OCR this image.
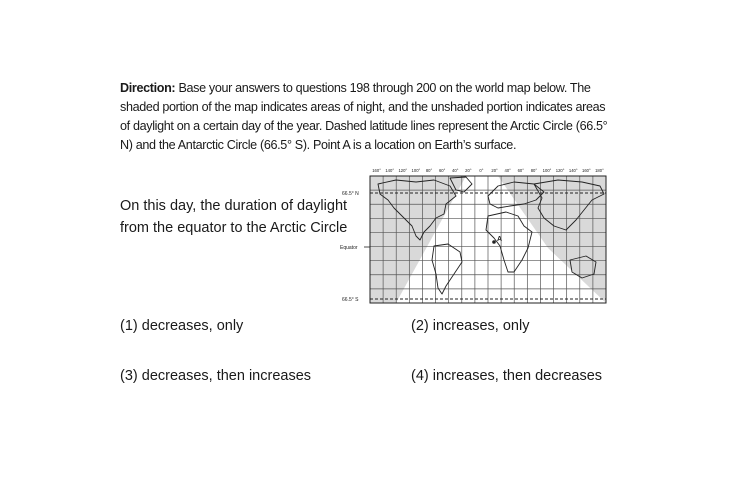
Direction: Base your answers to questions 198 through 200 on the world map below. The shaded portion of the map indicates areas of night, and the unshaded portion indicates areas of daylight on a certain day of the year. Dashed latitude lines represent the Arctic Circle (66.5° N) and the Antarctic Circle (66.5° S). Point A is a location on Earth’s surface.
On this day, the duration of daylight from the equator to the Arctic Circle
160° 140° 120° 100° 80° 60° 40° 20° 0° 20° 40° 60° 80° 100° 120° 140° 160° 180°
66.5° N
Equator
66.5° S
A
(1) decreases, only	(2) increases, only
(3) decreases, then increases	(4) increases, then decreases
